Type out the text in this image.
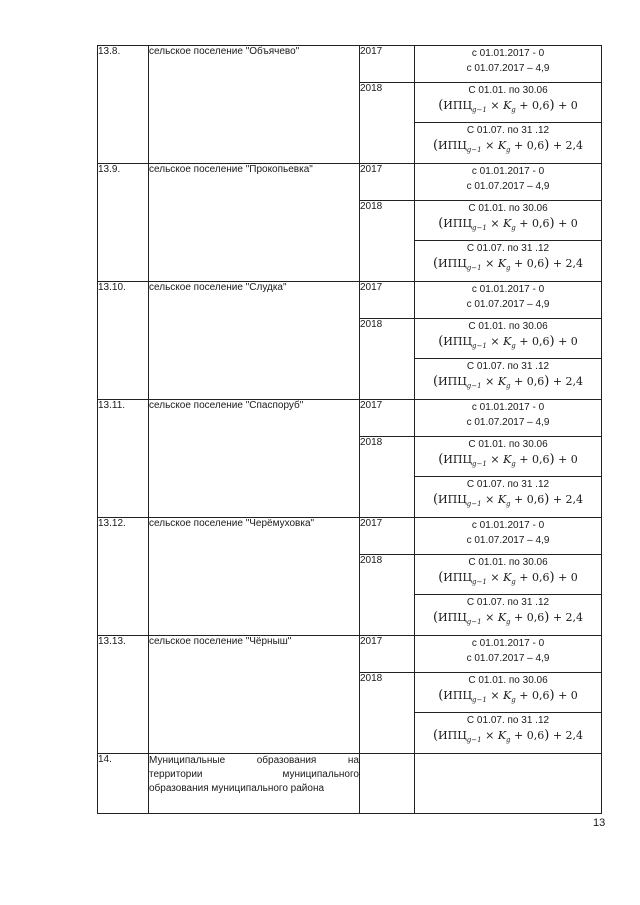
13.8.	сельское поселение "Объячево"	2017	с 01.01.2017 - 0
с 01.07.2017 – 4,9

		2018	С 01.01. по 30.06
$(ИПЦ_{g-1} \times K_g + 0,6) + 0$

			С 01.07. по 31 .12
$(ИПЦ_{g-1} \times K_g + 0,6) + 2,4$

13.9.	сельское поселение "Прокопьевка"	2017	с 01.01.2017 - 0
с 01.07.2017 – 4,9

		2018	С 01.01. по 30.06
$(ИПЦ_{g-1} \times K_g + 0,6) + 0$

			С 01.07. по 31 .12
$(ИПЦ_{g-1} \times K_g + 0,6) + 2,4$

13.10.	сельское поселение "Слудка"	2017	с 01.01.2017 - 0
с 01.07.2017 – 4,9

		2018	С 01.01. по 30.06
$(ИПЦ_{g-1} \times K_g + 0,6) + 0$

			С 01.07. по 31 .12
$(ИПЦ_{g-1} \times K_g + 0,6) + 2,4$

13.11.	сельское поселение "Спаспоруб"	2017	с 01.01.2017 - 0
с 01.07.2017 – 4,9

		2018	С 01.01. по 30.06
$(ИПЦ_{g-1} \times K_g + 0,6) + 0$

			С 01.07. по 31 .12
$(ИПЦ_{g-1} \times K_g + 0,6) + 2,4$

13.12.	сельское поселение "Черёмуховка"	2017	с 01.01.2017 - 0
с 01.07.2017 – 4,9

		2018	С 01.01. по 30.06
$(ИПЦ_{g-1} \times K_g + 0,6) + 0$

			С 01.07. по 31 .12
$(ИПЦ_{g-1} \times K_g + 0,6) + 2,4$

13.13.	сельское поселение "Чёрныш"	2017	с 01.01.2017 - 0
с 01.07.2017 – 4,9

		2018	С 01.01. по 30.06
$(ИПЦ_{g-1} \times K_g + 0,6) + 0$

			С 01.07. по 31 .12
$(ИПЦ_{g-1} \times K_g + 0,6) + 2,4$

14.	Муниципальные образования на
территории муниципального
образования муниципального района		

13
